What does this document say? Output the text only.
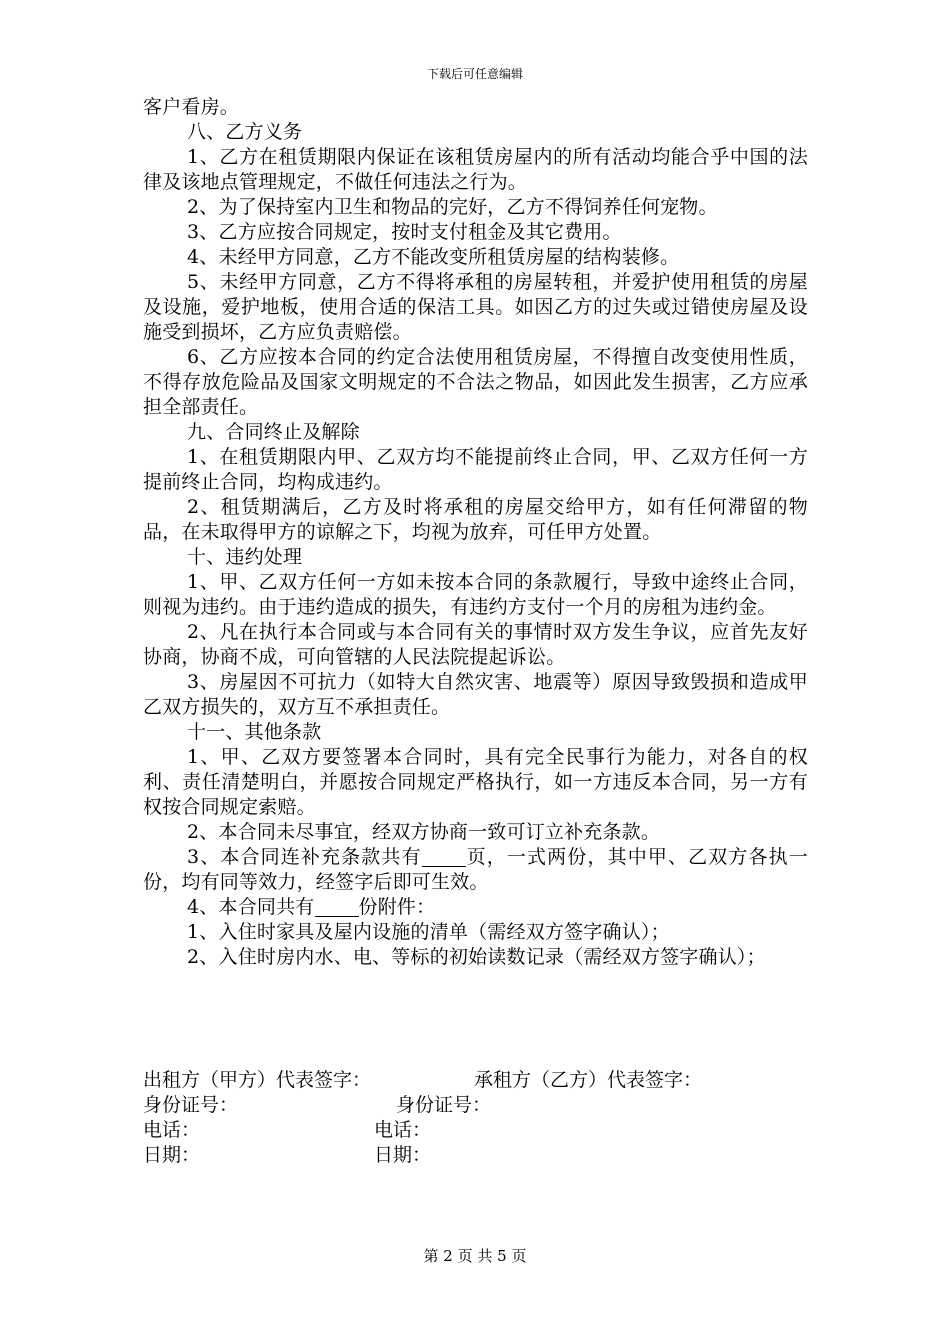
下载后可任意编辑

客户看房。

八、乙方义务

1、乙方在租赁期限内保证在该租赁房屋内的所有活动均能合乎中国的法律及该地点管理规定，不做任何违法之行为。

2、为了保持室内卫生和物品的完好，乙方不得饲养任何宠物。

3、乙方应按合同规定，按时支付租金及其它费用。

4、未经甲方同意，乙方不能改变所租赁房屋的结构装修。

5、未经甲方同意，乙方不得将承租的房屋转租，并爱护使用租赁的房屋及设施，爱护地板，使用合适的保洁工具。如因乙方的过失或过错使房屋及设施受到损坏，乙方应负责赔偿。

6、乙方应按本合同的约定合法使用租赁房屋，不得擅自改变使用性质，不得存放危险品及国家文明规定的不合法之物品，如因此发生损害，乙方应承担全部责任。

九、合同终止及解除

1、在租赁期限内甲、乙双方均不能提前终止合同，甲、乙双方任何一方提前终止合同，均构成违约。

2、租赁期满后，乙方及时将承租的房屋交给甲方，如有任何滞留的物品，在未取得甲方的谅解之下，均视为放弃，可任甲方处置。

十、违约处理

1、甲、乙双方任何一方如未按本合同的条款履行，导致中途终止合同，则视为违约。由于违约造成的损失，有违约方支付一个月的房租为违约金。

2、凡在执行本合同或与本合同有关的事情时双方发生争议，应首先友好协商，协商不成，可向管辖的人民法院提起诉讼。

3、房屋因不可抗力（如特大自然灾害、地震等）原因导致毁损和造成甲乙双方损失的，双方互不承担责任。

十一、其他条款

1、甲、乙双方要签署本合同时，具有完全民事行为能力，对各自的权利、责任清楚明白，并愿按合同规定严格执行，如一方违反本合同，另一方有权按合同规定索赔。

2、本合同未尽事宜，经双方协商一致可订立补充条款。

3、本合同连补充条款共有 页，一式两份，其中甲、乙双方各执一份，均有同等效力，经签字后即可生效。

4、本合同共有 份附件：

1、入住时家具及屋内设施的清单（需经双方签字确认）；

2、入住时房内水、电、等标的初始读数记录（需经双方签字确认）；

出租方（甲方）代表签字：	承租方（乙方）代表签字：
身份证号：	身份证号：
电话：	电话：
日期：	日期：
第 2 页 共 5 页
